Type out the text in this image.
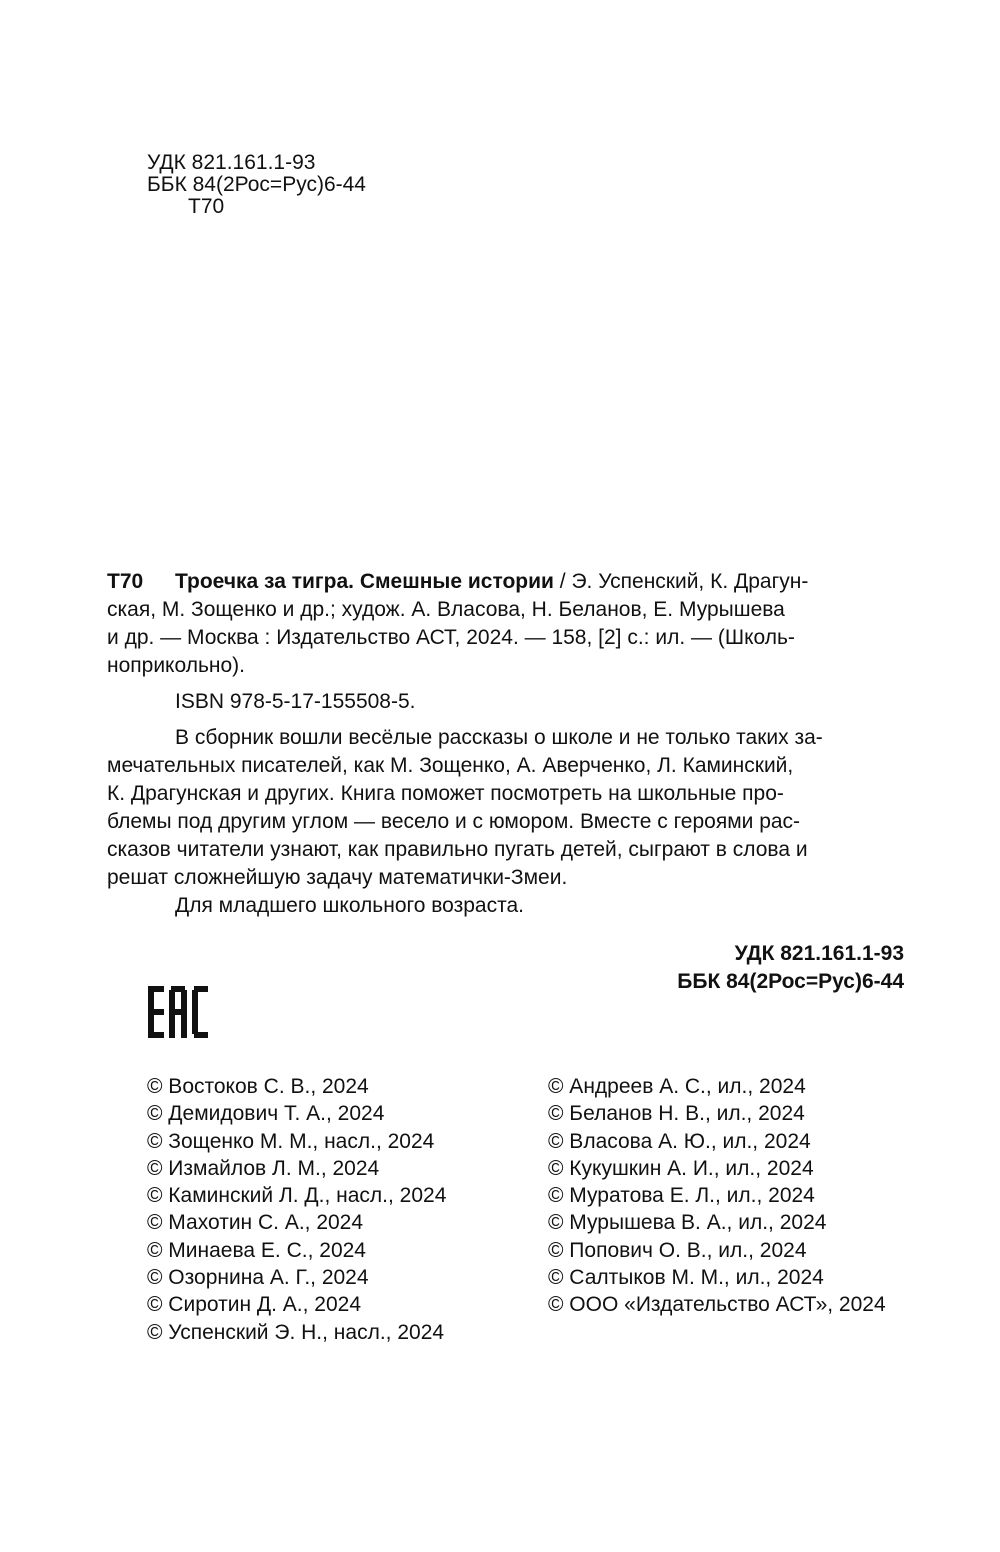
УДК 821.161.1-93
ББК 84(2Рос=Рус)6-44
Т70
Т70 Троечка за тигра. Смешные истории / Э. Успенский, К. Драгун-

ская, М. Зощенко и др.; худож. А. Власова, Н. Беланов, Е. Мурышева

и др. — Москва : Издательство АСТ, 2024. — 158, [2] с.: ил. — (Школь-

ноприкольно).

ISBN 978-5-17-155508-5.

В сборник вошли весёлые рассказы о школе и не только таких за-

мечательных писателей, как М. Зощенко, А. Аверченко, Л. Каминский,

К. Драгунская и других. Книга поможет посмотреть на школьные про-

блемы под другим углом — весело и с юмором. Вместе с героями рас-

сказов читатели узнают, как правильно пугать детей, сыграют в слова и

решат сложнейшую задачу математички-Змеи.

Для младшего школьного возраста.

УДК 821.161.1-93
ББК 84(2Рос=Рус)6-44
© Востоков С. В., 2024
© Демидович Т. А., 2024
© Зощенко М. М., насл., 2024
© Измайлов Л. М., 2024
© Каминский Л. Д., насл., 2024
© Махотин С. А., 2024
© Минаева Е. С., 2024
© Озорнина А. Г., 2024
© Сиротин Д. А., 2024
© Успенский Э. Н., насл., 2024
© Андреев А. С., ил., 2024
© Беланов Н. В., ил., 2024
© Власова А. Ю., ил., 2024
© Кукушкин А. И., ил., 2024
© Муратова Е. Л., ил., 2024
© Мурышева В. А., ил., 2024
© Попович О. В., ил., 2024
© Салтыков М. М., ил., 2024
© ООО «Издательство АСТ», 2024
